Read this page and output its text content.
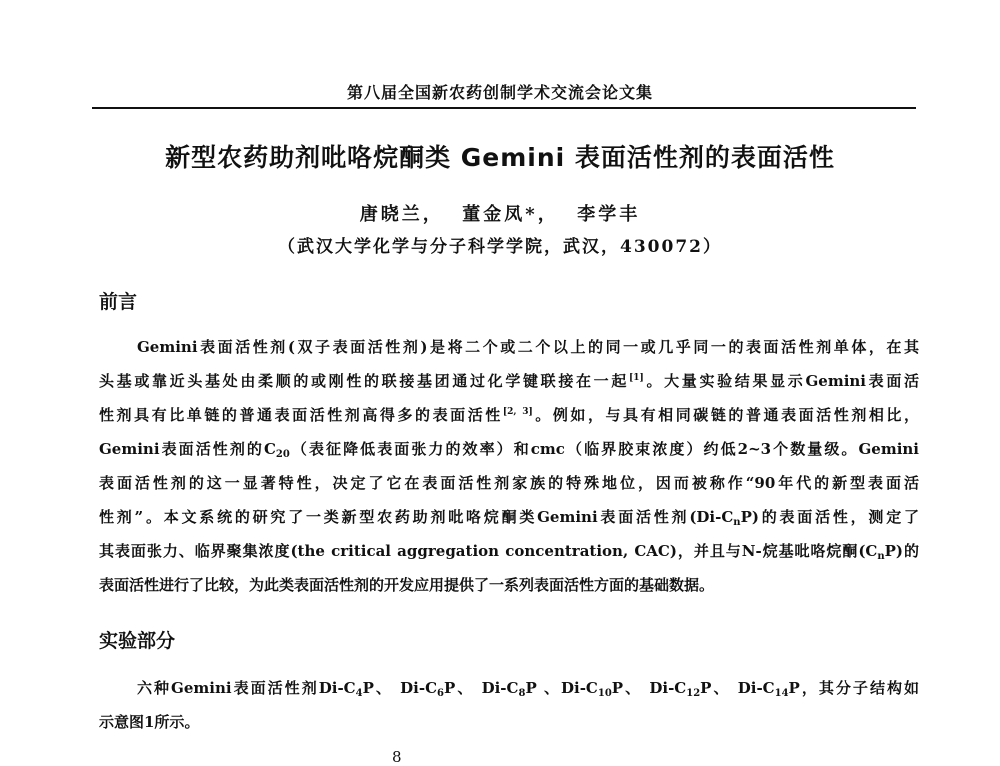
第八届全国新农药创制学术交流会论文集
新型农药助剂吡咯烷酮类 Gemini 表面活性剂的表面活性
唐晓兰，  董金凤*，  李学丰
（武汉大学化学与分子科学学院，武汉，430072）
前言
Gemini表面活性剂(双子表面活性剂)是将二个或二个以上的同一或几乎同一的表面活性剂单体，在其
头基或靠近头基处由柔顺的或刚性的联接基团通过化学键联接在一起[1]。大量实验结果显示Gemini表面活
性剂具有比单链的普通表面活性剂高得多的表面活性[2, 3]。例如，与具有相同碳链的普通表面活性剂相比，
Gemini表面活性剂的$C_{20}$（表征降低表面张力的效率）和cmc（临界胶束浓度）约低2~3个数量级。Gemini
表面活性剂的这一显著特性，决定了它在表面活性剂家族的特殊地位，因而被称作“90年代的新型表面活
性剂”。本文系统的研究了一类新型农药助剂吡咯烷酮类Gemini表面活性剂$(Di-C_nP)$的表面活性，测定了
其表面张力、临界聚集浓度(the critical aggregation concentration, CAC)，并且与N-烷基吡咯烷酮$(C_nP)$的
表面活性进行了比较，为此类表面活性剂的开发应用提供了一系列表面活性方面的基础数据。
实验部分
六种Gemini表面活性剂$Di-C_4P$、 $Di-C_6P$、 $Di-C_8P$ 、$Di-C_{10}P$、 $Di-C_{12}P$、 $Di-C_{14}P$，其分子结构如
示意图1所示。
8
